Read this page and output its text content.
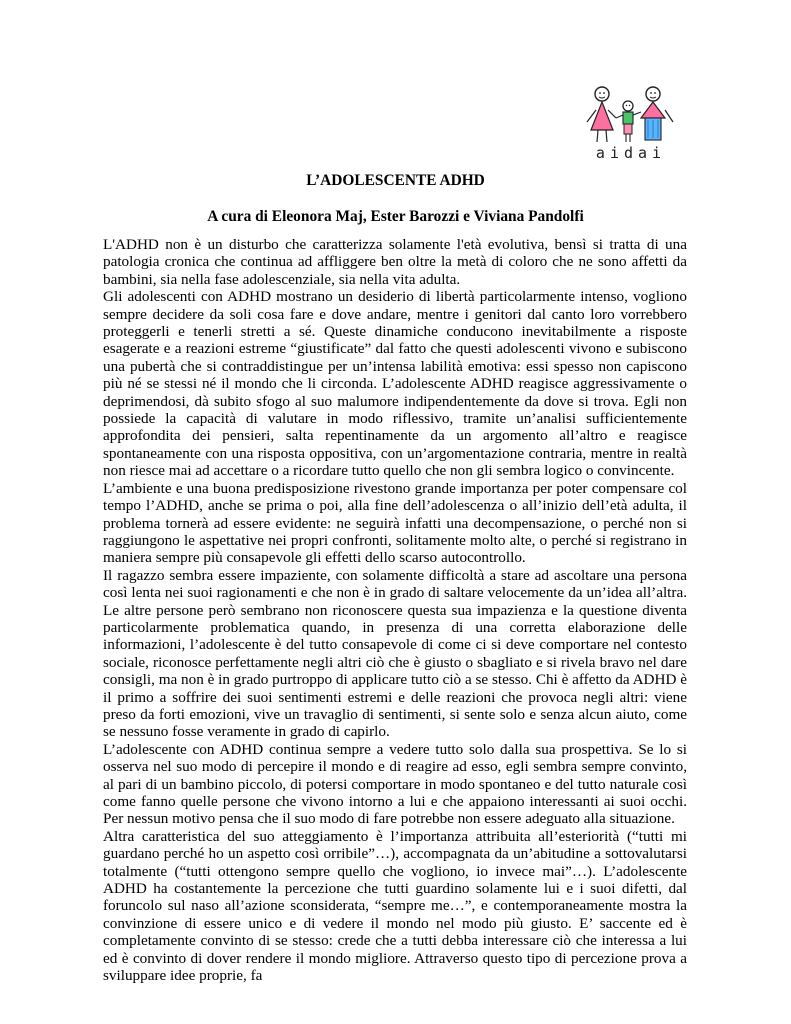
aidai
L’ADOLESCENTE ADHD
A cura di Eleonora Maj, Ester Barozzi e Viviana Pandolfi

L'ADHD non è un disturbo che caratterizza solamente l'età evolutiva, bensì si tratta di una patologia cronica che continua ad affliggere ben oltre la metà di coloro che ne sono affetti da bambini, sia nella fase adolescenziale, sia nella vita adulta.

Gli adolescenti con ADHD mostrano un desiderio di libertà particolarmente intenso, vogliono sempre decidere da soli cosa fare e dove andare, mentre i genitori dal canto loro vorrebbero proteggerli e tenerli stretti a sé. Queste dinamiche conducono inevitabilmente a risposte esagerate e a reazioni estreme “giustificate” dal fatto che questi adolescenti vivono e subiscono una pubertà che si contraddistingue per un’intensa labilità emotiva: essi spesso non capiscono più né se stessi né il mondo che li circonda. L’adolescente ADHD reagisce aggressivamente o deprimendosi, dà subito sfogo al suo malumore indipendentemente da dove si trova. Egli non possiede la capacità di valutare in modo riflessivo, tramite un’analisi sufficientemente approfondita dei pensieri, salta repentinamente da un argomento all’altro e reagisce spontaneamente con una risposta oppositiva, con un’argomentazione contraria, mentre in realtà non riesce mai ad accettare o a ricordare tutto quello che non gli sembra logico o convincente.

L’ambiente e una buona predisposizione rivestono grande importanza per poter compensare col tempo l’ADHD, anche se prima o poi, alla fine dell’adolescenza o all’inizio dell’età adulta, il problema tornerà ad essere evidente: ne seguirà infatti una decompensazione, o perché non si raggiungono le aspettative nei propri confronti, solitamente molto alte, o perché si registrano in maniera sempre più consapevole gli effetti dello scarso autocontrollo.

Il ragazzo sembra essere impaziente, con solamente difficoltà a stare ad ascoltare una persona così lenta nei suoi ragionamenti e che non è in grado di saltare velocemente da un’idea all’altra. Le altre persone però sembrano non riconoscere questa sua impazienza e la questione diventa particolarmente problematica quando, in presenza di una corretta elaborazione delle informazioni, l’adolescente è del tutto consapevole di come ci si deve comportare nel contesto sociale, riconosce perfettamente negli altri ciò che è giusto o sbagliato e si rivela bravo nel dare consigli, ma non è in grado purtroppo di applicare tutto ciò a se stesso. Chi è affetto da ADHD è il primo a soffrire dei suoi sentimenti estremi e delle reazioni che provoca negli altri: viene preso da forti emozioni, vive un travaglio di sentimenti, si sente solo e senza alcun aiuto, come se nessuno fosse veramente in grado di capirlo.

L’adolescente con ADHD continua sempre a vedere tutto solo dalla sua prospettiva. Se lo si osserva nel suo modo di percepire il mondo e di reagire ad esso, egli sembra sempre convinto, al pari di un bambino piccolo, di potersi comportare in modo spontaneo e del tutto naturale così come fanno quelle persone che vivono intorno a lui e che appaiono interessanti ai suoi occhi. Per nessun motivo pensa che il suo modo di fare potrebbe non essere adeguato alla situazione.

Altra caratteristica del suo atteggiamento è l’importanza attribuita all’esteriorità (“tutti mi guardano perché ho un aspetto così orribile”…), accompagnata da un’abitudine a sottovalutarsi totalmente (“tutti ottengono sempre quello che vogliono, io invece mai”…). L’adolescente ADHD ha costantemente la percezione che tutti guardino solamente lui e i suoi difetti, dal foruncolo sul naso all’azione sconsiderata, “sempre me…”, e contemporaneamente mostra la convinzione di essere unico e di vedere il mondo nel modo più giusto. E’ saccente ed è completamente convinto di se stesso: crede che a tutti debba interessare ciò che interessa a lui ed è convinto di dover rendere il mondo migliore. Attraverso questo tipo di percezione prova a sviluppare idee proprie, fa
